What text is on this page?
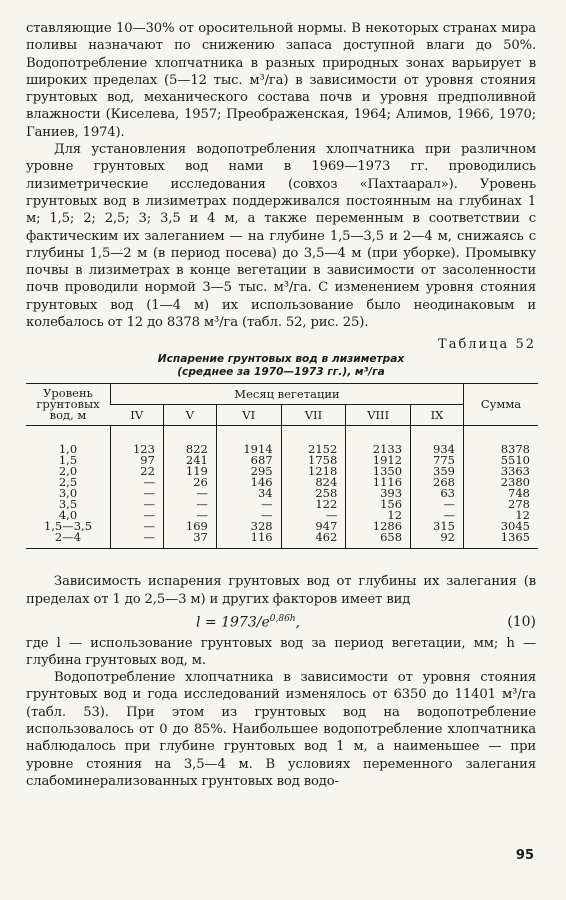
ставляющие 10—30% от оросительной нормы. В некоторых странах мира поливы назначают по снижению запаса доступной влаги до 50%. Водопотребление хлопчатника в разных природных зонах варьирует в широких пределах (5—12 тыс. м³/га) в зависимости от уровня стояния грунтовых вод, механического состава почв и уровня предполивной влажности (Киселева, 1957; Преображенская, 1964; Алимов, 1966, 1970; Ганиев, 1974).

Для установления водопотребления хлопчатника при различном уровне грунтовых вод нами в 1969—1973 гг. проводились лизиметрические исследования (совхоз «Пахтаарал»). Уровень грунтовых вод в лизиметрах поддерживался постоянным на глубинах 1 м; 1,5; 2; 2,5; 3; 3,5 и 4 м, а также переменным в соответствии с фактическим их залеганием — на глубине 1,5—3,5 и 2—4 м, снижаясь с глубины 1,5—2 м (в период посева) до 3,5—4 м (при уборке). Промывку почвы в лизиметрах в конце вегетации в зависимости от засоленности почв проводили нормой 3—5 тыс. м³/га. С изменением уровня стояния грунтовых вод (1—4 м) их использование было неодинаковым и колебалось от 12 до 8378 м³/га (табл. 52, рис. 25).

Таблица 52
Испарение грунтовых вод в лизиметрах
(среднее за 1970—1973 гг.), м³/га
Уровень грунтовых вод, м	Месяц вегетации						Сумма
	IV	V	VI	VII	VIII	IX	
1,0	123	822	1914	2152	2133	934	8378
1,5	97	241	687	1758	1912	775	5510
2,0	22	119	295	1218	1350	359	3363
2,5	—	26	146	824	1116	268	2380
3,0	—	—	34	258	393	63	748
3,5	—	—	—	122	156	—	278
4,0	—	—	—	—	12	—	12
1,5—3,5	—	169	328	947	1286	315	3045
2—4	—	37	116	462	658	92	1365

Зависимость испарения грунтовых вод от глубины их залегания (в пределах от 1 до 2,5—3 м) и других факторов имеет вид

$l = 1973/e^{0,86h}$,	(10)

где l — использование грунтовых вод за период вегетации, мм; h — глубина грунтовых вод, м.

Водопотребление хлопчатника в зависимости от уровня стояния грунтовых вод и года исследований изменялось от 6350 до 11401 м³/га (табл. 53). При этом из грунтовых вод на водопотребление использовалось от 0 до 85%. Наибольшее водопотребление хлопчатника наблюдалось при глубине грунтовых вод 1 м, а наименьшее — при уровне стояния на 3,5—4 м. В условиях переменного залегания слабоминерализованных грунтовых вод водо-

95
